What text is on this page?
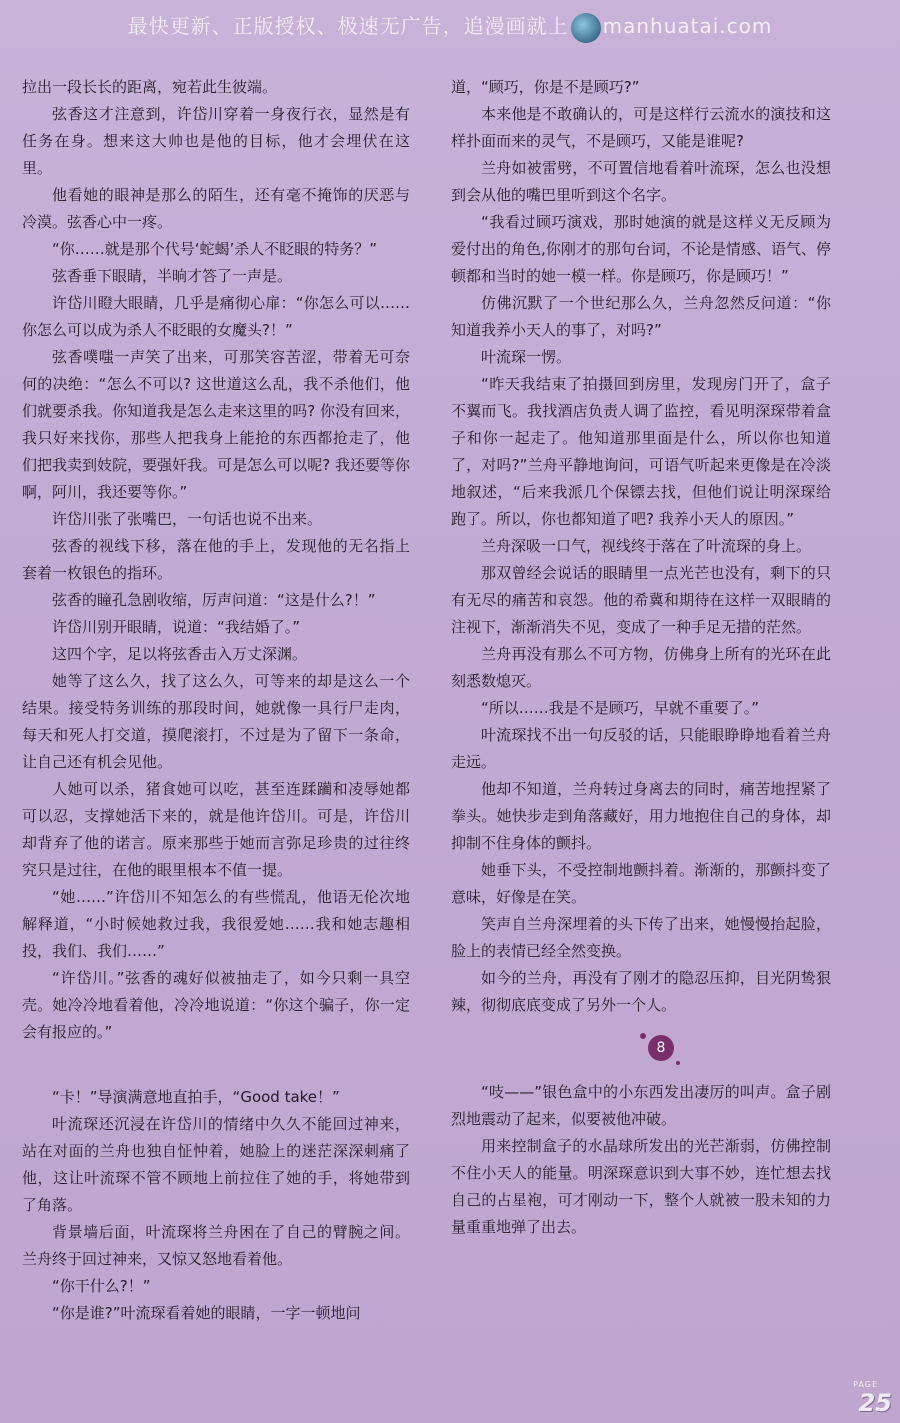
最快更新、正版授权、极速无广告，追漫画就上 manhuatai.com

拉出一段长长的距离，宛若此生彼端。

弦香这才注意到，许岱川穿着一身夜行衣，显然是有任务在身。想来这大帅也是他的目标，他才会埋伏在这里。

他看她的眼神是那么的陌生，还有毫不掩饰的厌恶与冷漠。弦香心中一疼。

“你……就是那个代号‘蛇蝎’杀人不眨眼的特务？”

弦香垂下眼睛，半晌才答了一声是。

许岱川瞪大眼睛，几乎是痛彻心扉：“你怎么可以……你怎么可以成为杀人不眨眼的女魔头?！”

弦香噗嗤一声笑了出来，可那笑容苦涩，带着无可奈何的决绝：“怎么不可以? 这世道这么乱，我不杀他们，他们就要杀我。你知道我是怎么走来这里的吗? 你没有回来，我只好来找你，那些人把我身上能抢的东西都抢走了，他们把我卖到妓院，要强奸我。可是怎么可以呢? 我还要等你啊，阿川，我还要等你。”

许岱川张了张嘴巴，一句话也说不出来。

弦香的视线下移，落在他的手上，发现他的无名指上套着一枚银色的指环。

弦香的瞳孔急剧收缩，厉声问道：“这是什么?！”

许岱川别开眼睛，说道：“我结婚了。”

这四个字，足以将弦香击入万丈深渊。

她等了这么久，找了这么久，可等来的却是这么一个结果。接受特务训练的那段时间，她就像一具行尸走肉，每天和死人打交道，摸爬滚打，不过是为了留下一条命，让自己还有机会见他。

人她可以杀，猪食她可以吃，甚至连蹂躏和凌辱她都可以忍，支撑她活下来的，就是他许岱川。可是，许岱川却背弃了他的诺言。原来那些于她而言弥足珍贵的过往终究只是过往，在他的眼里根本不值一提。

“她……”许岱川不知怎么的有些慌乱，他语无伦次地解释道，“小时候她救过我，我很爱她……我和她志趣相投，我们、我们……”

“许岱川。”弦香的魂好似被抽走了，如今只剩一具空壳。她冷冷地看着他，冷冷地说道：“你这个骗子，你一定会有报应的。”

“卡！”导演满意地直拍手，“Good take！”

叶流琛还沉浸在许岱川的情绪中久久不能回过神来，站在对面的兰舟也独自怔忡着，她脸上的迷茫深深刺痛了他，这让叶流琛不管不顾地上前拉住了她的手，将她带到了角落。

背景墙后面，叶流琛将兰舟困在了自己的臂腕之间。兰舟终于回过神来，又惊又怒地看着他。

“你干什么?！”

“你是谁?”叶流琛看着她的眼睛，一字一顿地问

道，“顾巧，你是不是顾巧?”

本来他是不敢确认的，可是这样行云流水的演技和这样扑面而来的灵气，不是顾巧，又能是谁呢?

兰舟如被雷劈，不可置信地看着叶流琛，怎么也没想到会从他的嘴巴里听到这个名字。

“我看过顾巧演戏，那时她演的就是这样义无反顾为爱付出的角色,你刚才的那句台词，不论是情感、语气、停顿都和当时的她一模一样。你是顾巧，你是顾巧！”

仿佛沉默了一个世纪那么久，兰舟忽然反问道：“你知道我养小天人的事了，对吗?”

叶流琛一愣。

“昨天我结束了拍摄回到房里，发现房门开了，盒子不翼而飞。我找酒店负责人调了监控，看见明深琛带着盒子和你一起走了。他知道那里面是什么，所以你也知道了，对吗?”兰舟平静地询问，可语气听起来更像是在冷淡地叙述，“后来我派几个保镖去找，但他们说让明深琛给跑了。所以，你也都知道了吧? 我养小天人的原因。”

兰舟深吸一口气，视线终于落在了叶流琛的身上。

那双曾经会说话的眼睛里一点光芒也没有，剩下的只有无尽的痛苦和哀怨。他的希冀和期待在这样一双眼睛的注视下，渐渐消失不见，变成了一种手足无措的茫然。

兰舟再没有那么不可方物，仿佛身上所有的光环在此刻悉数熄灭。

“所以……我是不是顾巧，早就不重要了。”

叶流琛找不出一句反驳的话，只能眼睁睁地看着兰舟走远。

他却不知道，兰舟转过身离去的同时，痛苦地捏紧了拳头。她快步走到角落藏好，用力地抱住自己的身体，却抑制不住身体的颤抖。

她垂下头，不受控制地颤抖着。渐渐的，那颤抖变了意味，好像是在笑。

笑声自兰舟深埋着的头下传了出来，她慢慢抬起脸，脸上的表情已经全然变换。

如今的兰舟，再没有了刚才的隐忍压抑，目光阴鸷狠辣，彻彻底底变成了另外一个人。

8

“吱——”银色盒中的小东西发出凄厉的叫声。盒子剧烈地震动了起来，似要被他冲破。

用来控制盒子的水晶球所发出的光芒渐弱，仿佛控制不住小天人的能量。明深琛意识到大事不妙，连忙想去找自己的占星袍，可才刚动一下，整个人就被一股未知的力量重重地弹了出去。

PAGE
25
